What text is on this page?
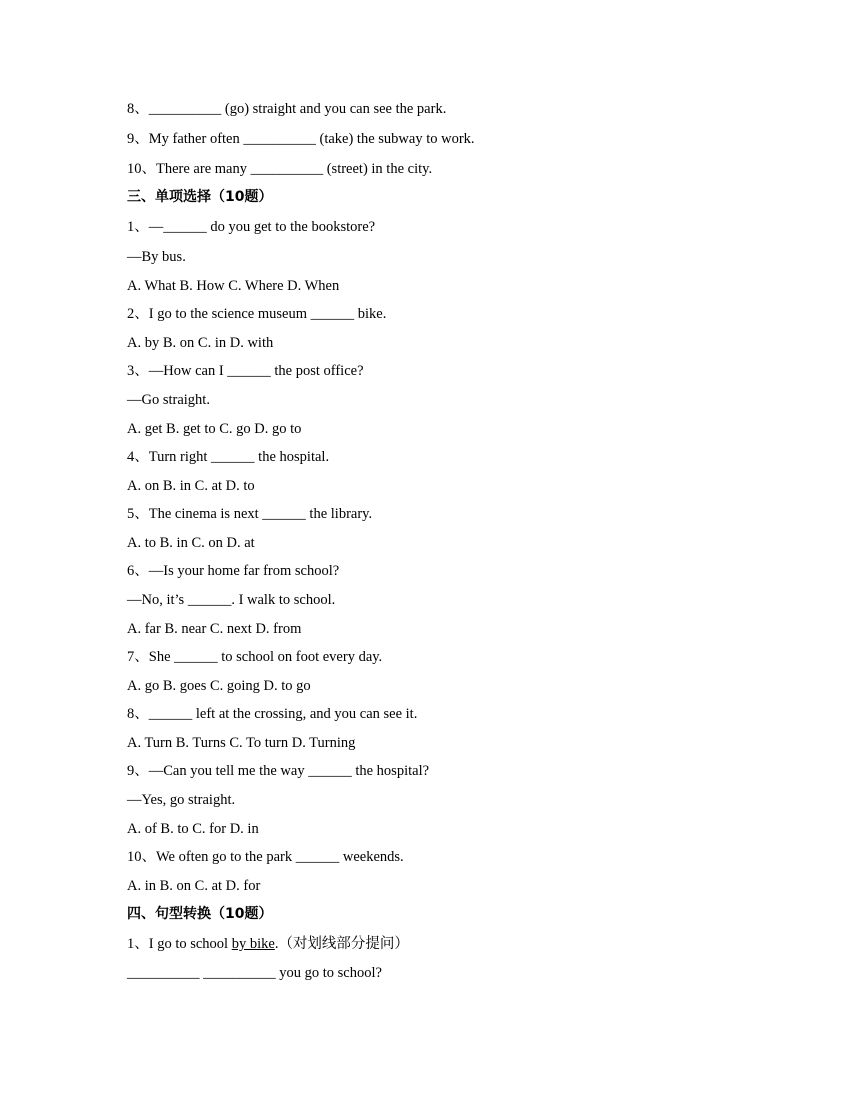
8、__________ (go) straight and you can see the park.
9、My father often __________ (take) the subway to work.
10、There are many __________ (street) in the city.
三、单项选择（10题）
1、—______ do you get to the bookstore?
—By bus.
A. What B. How C. Where D. When
2、I go to the science museum ______ bike.
A. by B. on C. in D. with
3、—How can I ______ the post office?
—Go straight.
A. get B. get to C. go D. go to
4、Turn right ______ the hospital.
A. on B. in C. at D. to
5、The cinema is next ______ the library.
A. to B. in C. on D. at
6、—Is your home far from school?
—No, it’s ______. I walk to school.
A. far B. near C. next D. from
7、She ______ to school on foot every day.
A. go B. goes C. going D. to go
8、______ left at the crossing, and you can see it.
A. Turn B. Turns C. To turn D. Turning
9、—Can you tell me the way ______ the hospital?
—Yes, go straight.
A. of B. to C. for D. in
10、We often go to the park ______ weekends.
A. in B. on C. at D. for
四、句型转换（10题）
1、I go to school by bike.（对划线部分提问）
__________ __________ you go to school?
